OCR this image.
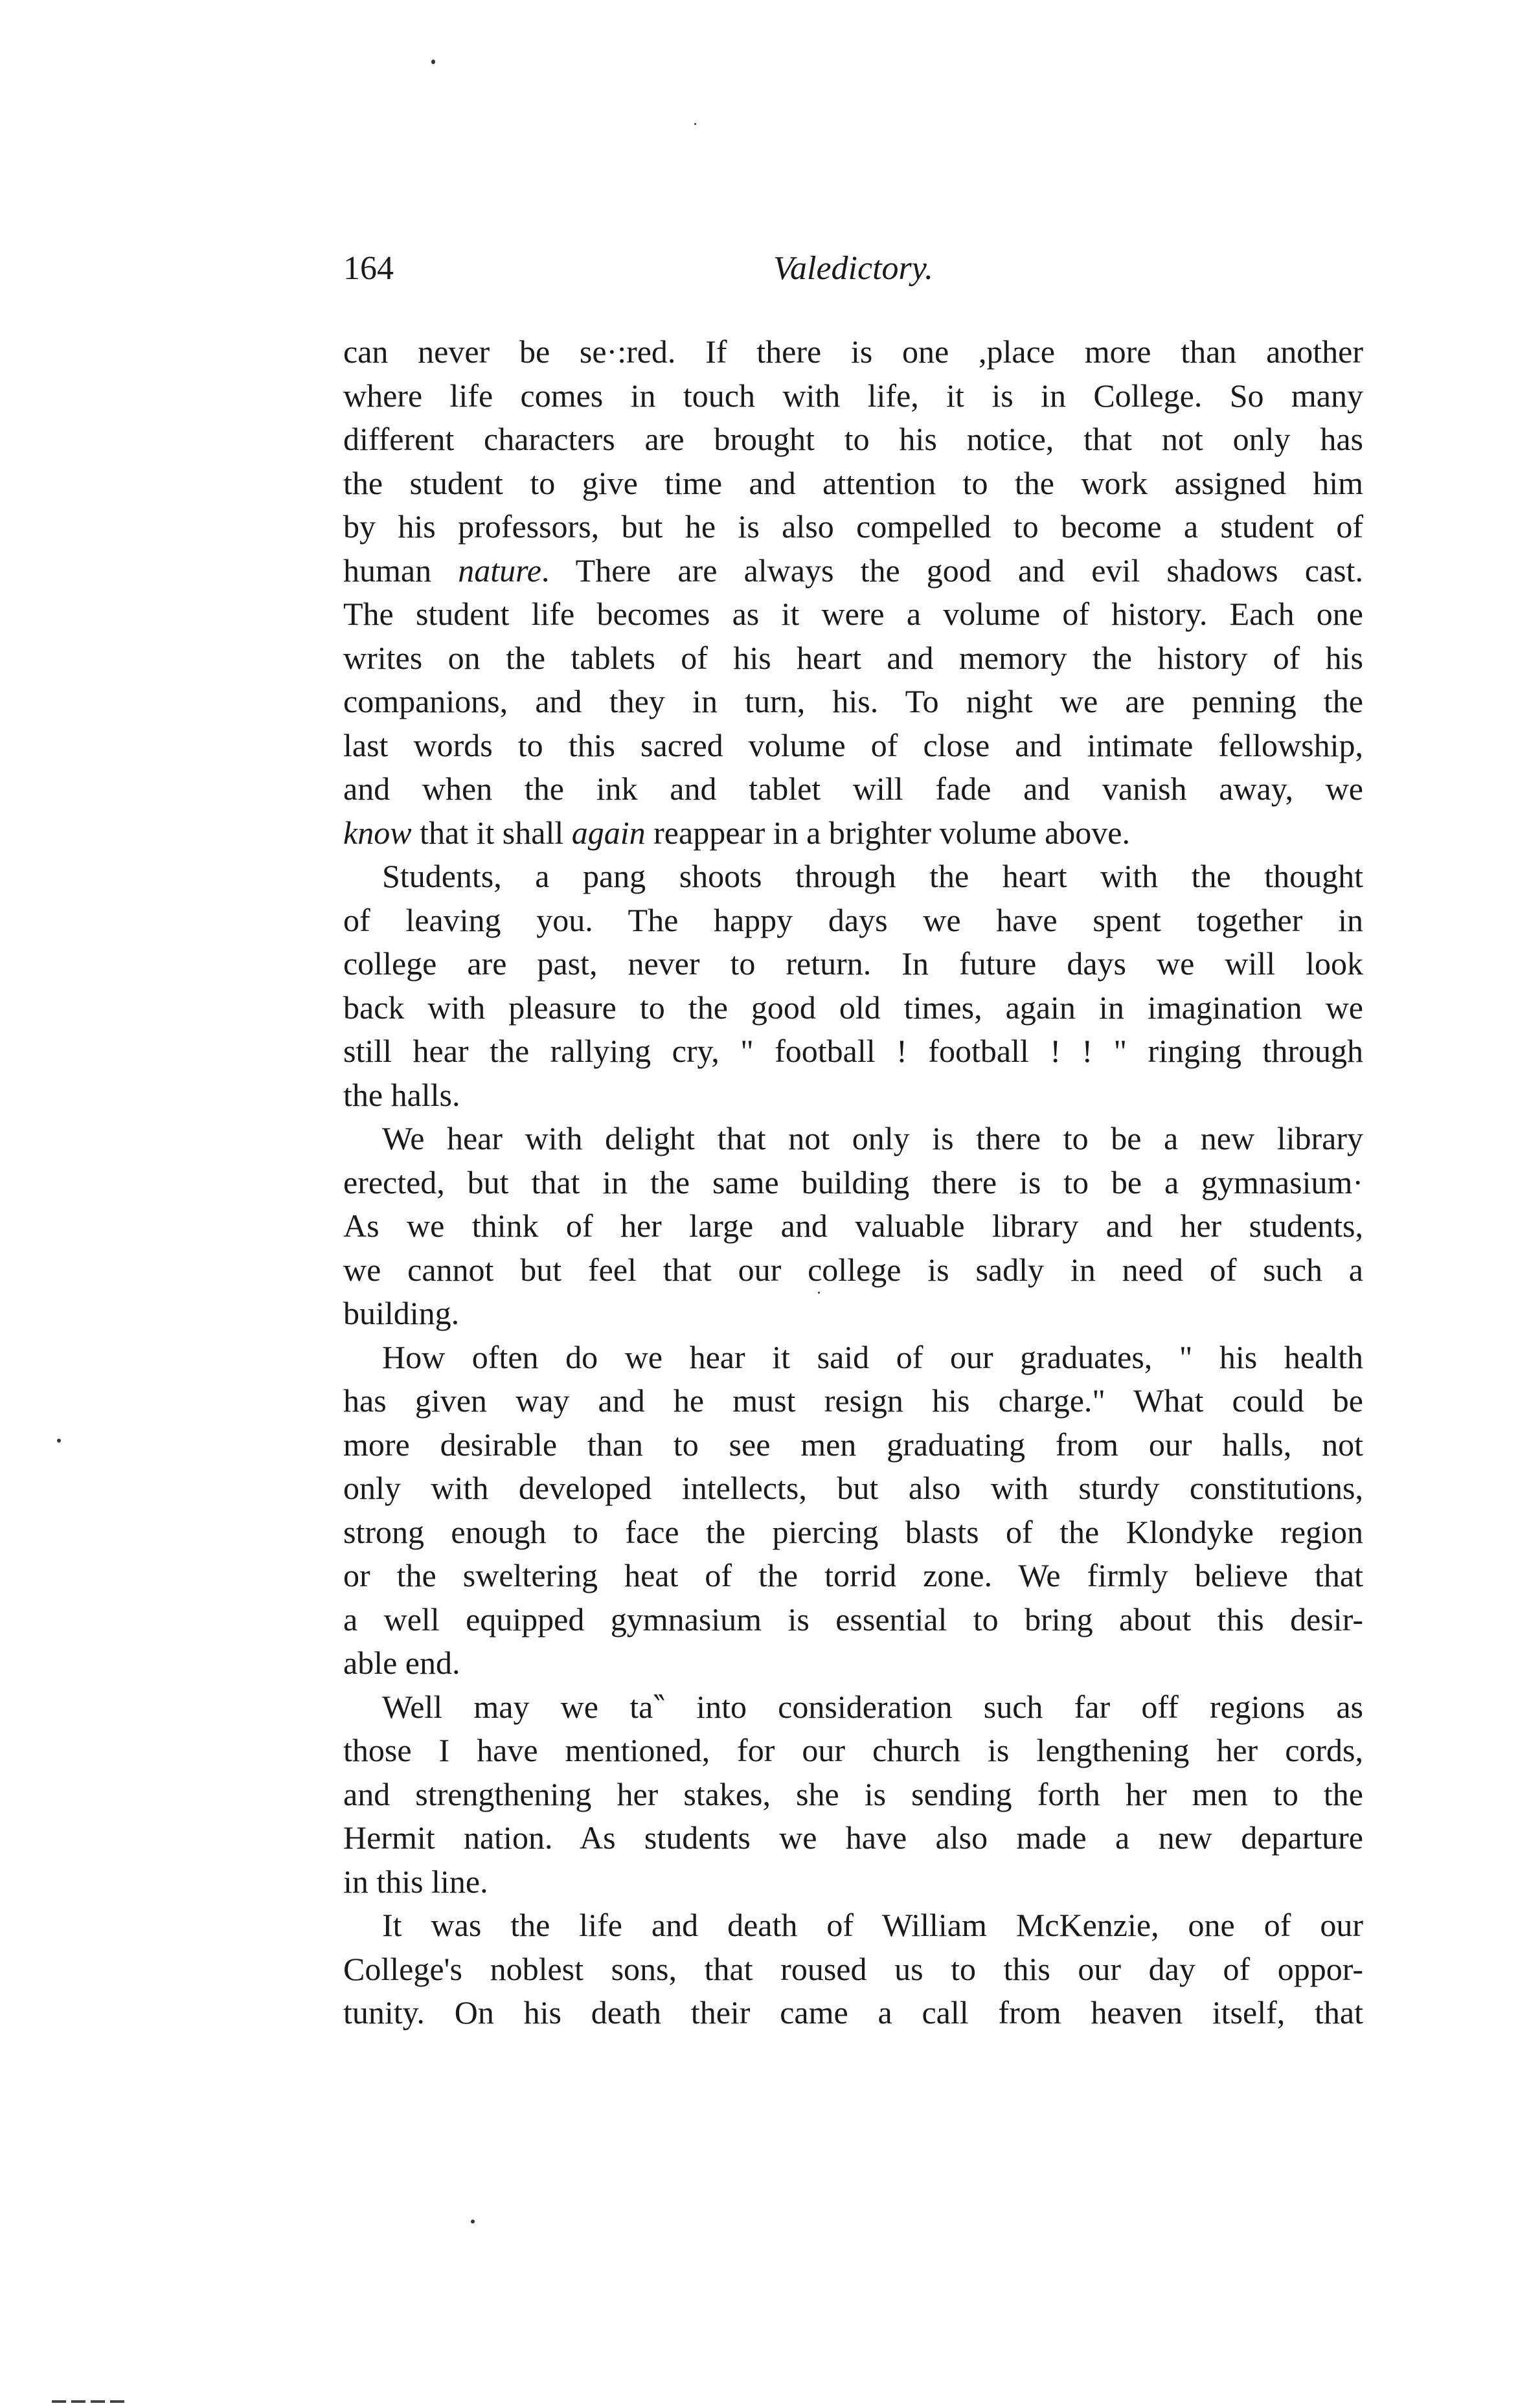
164	Valedictory.
can never be se·:red. If there is one ,place more than another
where life comes in touch with life, it is in College. So many
different characters are brought to his notice, that not only has
the student to give time and attention to the work assigned him
by his professors, but he is also compelled to become a student of
human nature. There are always the good and evil shadows cast.
The student life becomes as it were a volume of history. Each one
writes on the tablets of his heart and memory the history of his
companions, and they in turn, his. To night we are penning the
last words to this sacred volume of close and intimate fellowship,
and when the ink and tablet will fade and vanish away, we
know that it shall again reappear in a brighter volume above.
Students, a pang shoots through the heart with the thought
of leaving you. The happy days we have spent together in
college are past, never to return. In future days we will look
back with pleasure to the good old times, again in imagination we
still hear the rallying cry, " football ! football ! ! " ringing through
the halls.
We hear with delight that not only is there to be a new library
erected, but that in the same building there is to be a gymnasium·
As we think of her large and valuable library and her students,
we cannot but feel that our college is sadly in need of such a
building.
How often do we hear it said of our graduates, " his health
has given way and he must resign his charge." What could be
more desirable than to see men graduating from our halls, not
only with developed intellects, but also with sturdy constitutions,
strong enough to face the piercing blasts of the Klondyke region
or the sweltering heat of the torrid zone. We firmly believe that
a well equipped gymnasium is essential to bring about this desir-
able end.
Well may we ta‶ into consideration such far off regions as
those I have mentioned, for our church is lengthening her cords,
and strengthening her stakes, she is sending forth her men to the
Hermit nation. As students we have also made a new departure
in this line.
It was the life and death of William McKenzie, one of our
College's noblest sons, that roused us to this our day of oppor-
tunity. On his death their came a call from heaven itself, that
